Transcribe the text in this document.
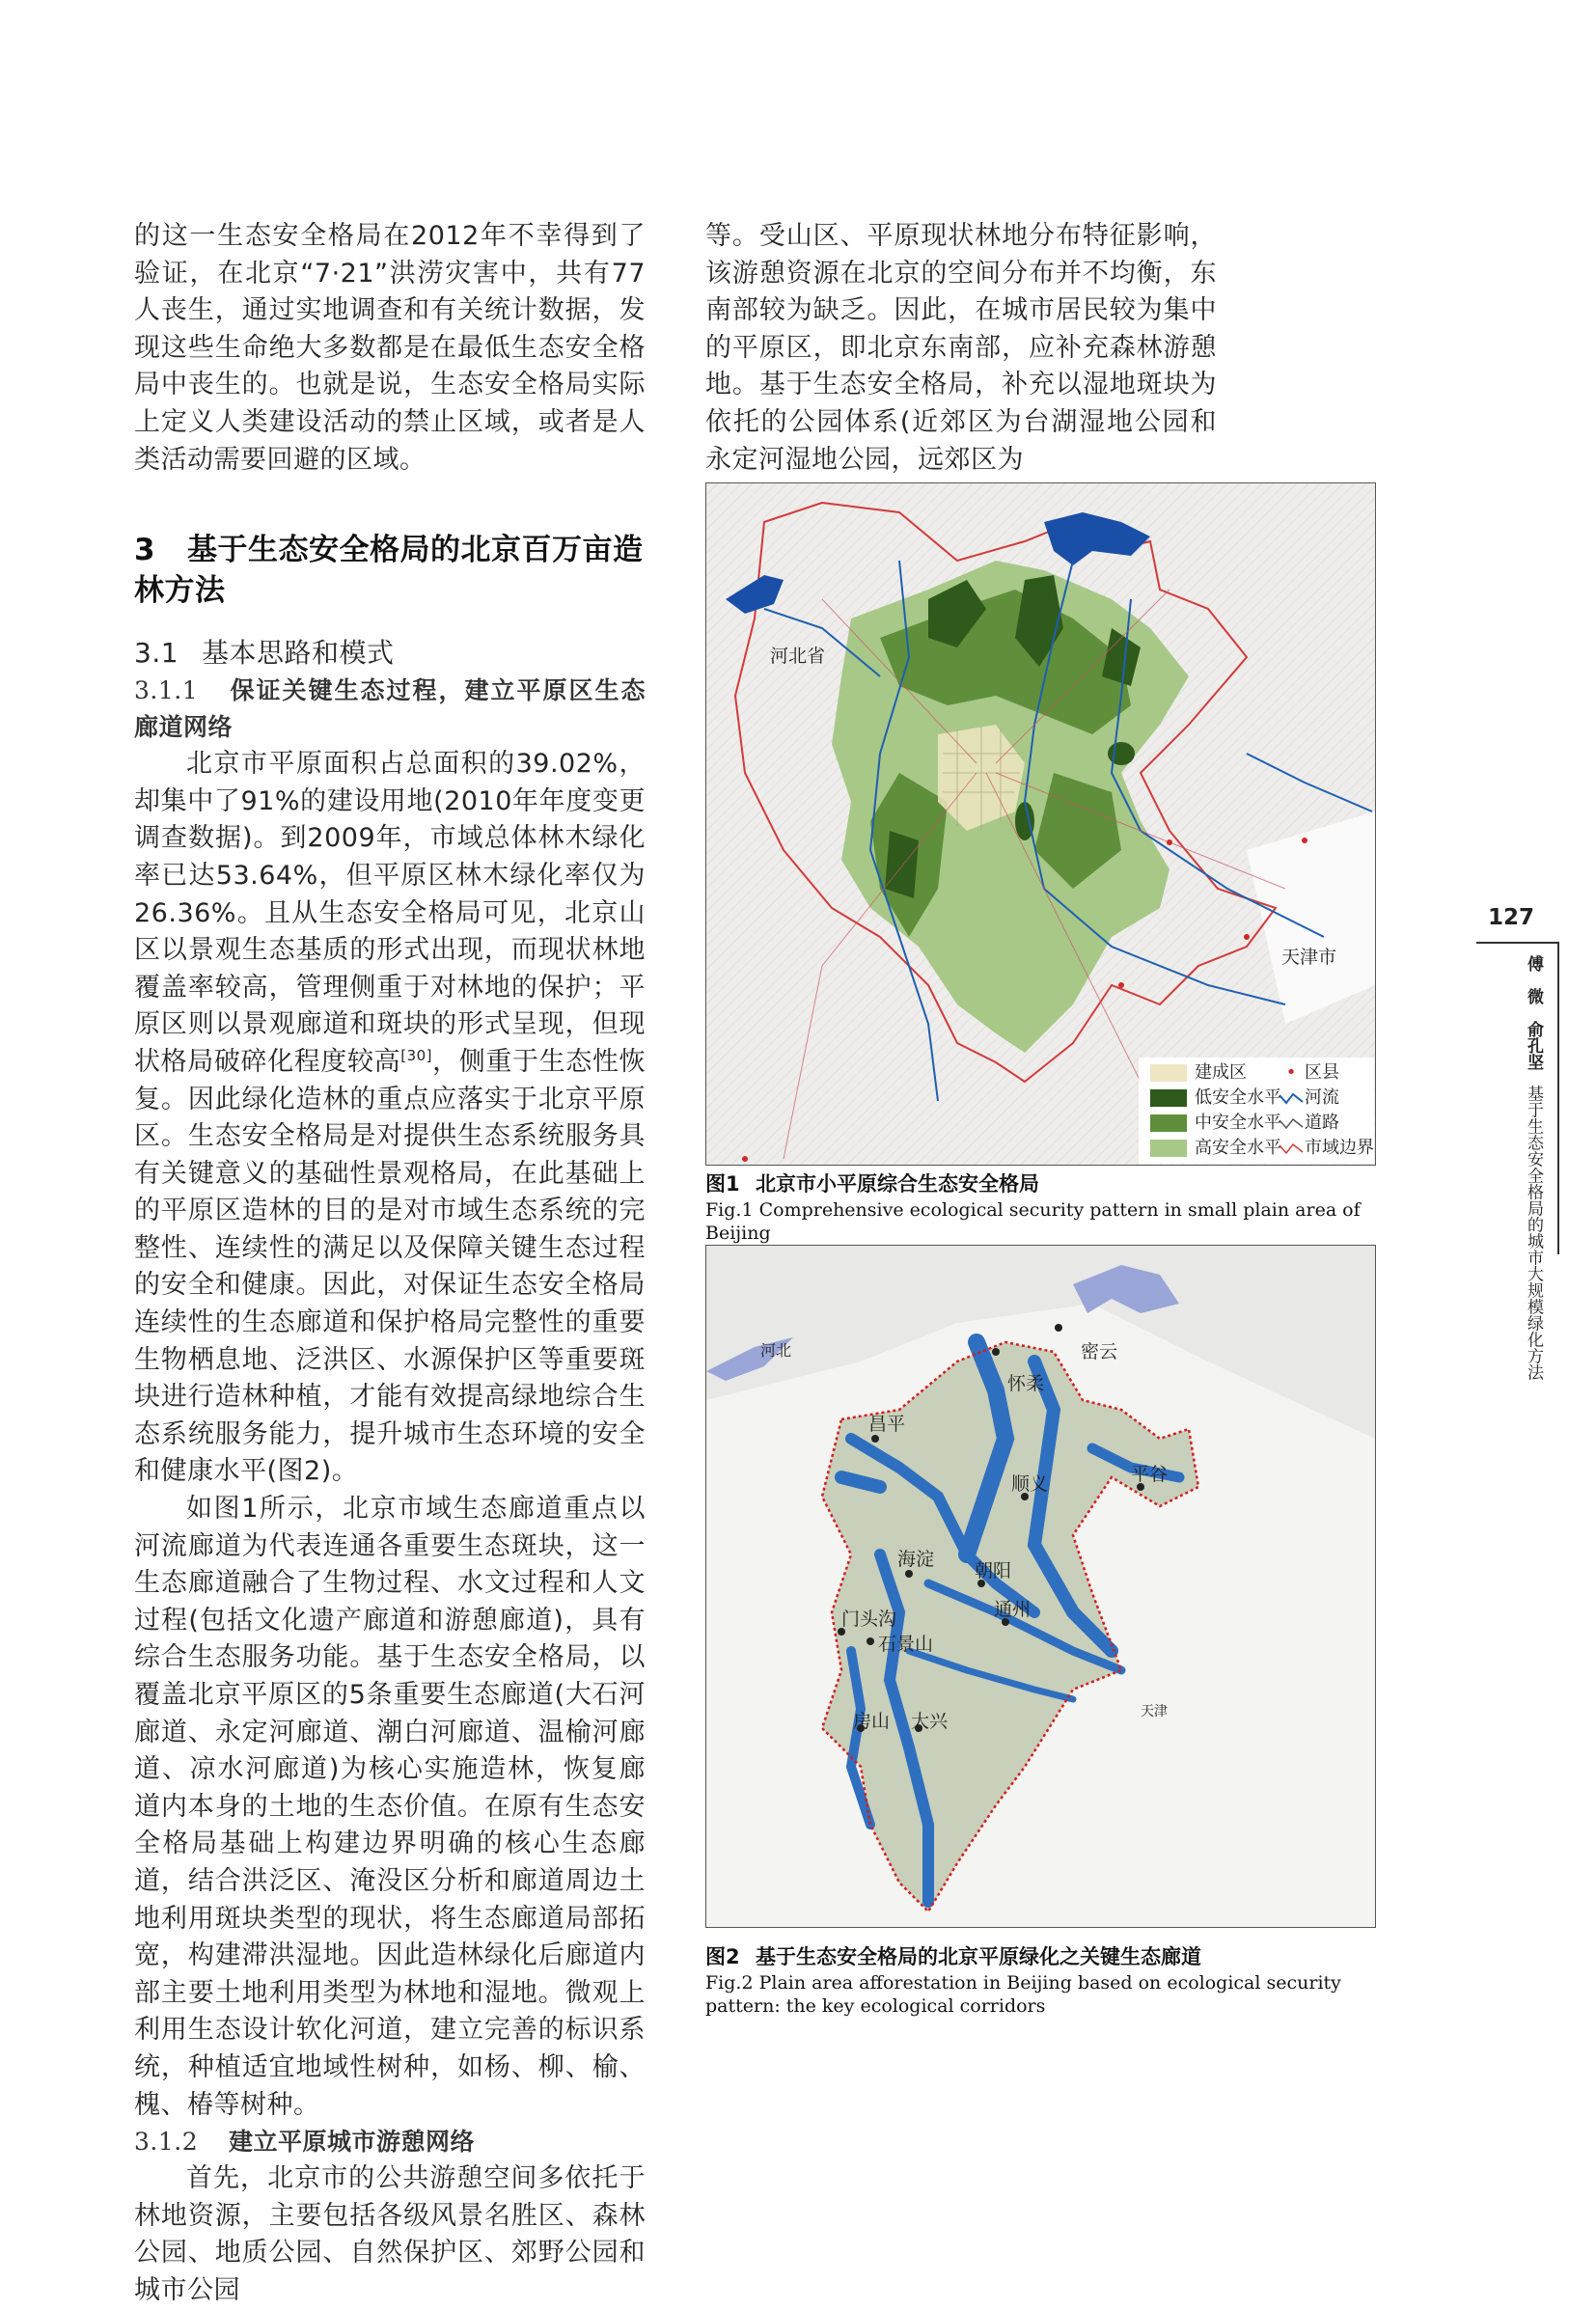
的这一生态安全格局在2012年不幸得到了验证，在北京“7·21”洪涝灾害中，共有77人丧生，通过实地调查和有关统计数据，发现这些生命绝大多数都是在最低生态安全格局中丧生的。也就是说，生态安全格局实际上定义人类建设活动的禁止区域，或者是人类活动需要回避的区域。

3 基于生态安全格局的北京百万亩造林方法

3.1 基本思路和模式

3.1.1 保证关键生态过程，建立平原区生态廊道网络

北京市平原面积占总面积的39.02%，却集中了91%的建设用地(2010年年度变更调查数据)。到2009年，市域总体林木绿化率已达53.64%，但平原区林木绿化率仅为26.36%。且从生态安全格局可见，北京山区以景观生态基质的形式出现，而现状林地覆盖率较高，管理侧重于对林地的保护；平原区则以景观廊道和斑块的形式呈现，但现状格局破碎化程度较高[30]，侧重于生态性恢复。因此绿化造林的重点应落实于北京平原区。生态安全格局是对提供生态系统服务具有关键意义的基础性景观格局，在此基础上的平原区造林的目的是对市域生态系统的完整性、连续性的满足以及保障关键生态过程的安全和健康。因此，对保证生态安全格局连续性的生态廊道和保护格局完整性的重要生物栖息地、泛洪区、水源保护区等重要斑块进行造林种植，才能有效提高绿地综合生态系统服务能力，提升城市生态环境的安全和健康水平(图2)。

如图1所示，北京市域生态廊道重点以河流廊道为代表连通各重要生态斑块，这一生态廊道融合了生物过程、水文过程和人文过程(包括文化遗产廊道和游憩廊道)，具有综合生态服务功能。基于生态安全格局，以覆盖北京平原区的5条重要生态廊道(大石河廊道、永定河廊道、潮白河廊道、温榆河廊道、凉水河廊道)为核心实施造林，恢复廊道内本身的土地的生态价值。在原有生态安全格局基础上构建边界明确的核心生态廊道，结合洪泛区、淹没区分析和廊道周边土地利用斑块类型的现状，将生态廊道局部拓宽，构建滞洪湿地。因此造林绿化后廊道内部主要土地利用类型为林地和湿地。微观上利用生态设计软化河道，建立完善的标识系统，种植适宜地域性树种，如杨、柳、榆、槐、椿等树种。

3.1.2 建立平原城市游憩网络

首先，北京市的公共游憩空间多依托于林地资源，主要包括各级风景名胜区、森林公园、地质公园、自然保护区、郊野公园和城市公园

等。受山区、平原现状林地分布特征影响，该游憩资源在北京的空间分布并不均衡，东南部较为缺乏。因此，在城市居民较为集中的平原区，即北京东南部，应补充森林游憩地。基于生态安全格局，补充以湿地斑块为依托的公园体系(近郊区为台湖湿地公园和永定河湿地公园，远郊区为

河北省
天津市
建成区
低安全水平
中安全水平
高安全水平
• 区县
河流
道路
市域边界
图1 北京市小平原综合生态安全格局
Fig.1 Comprehensive ecological security pattern in small plain area of Beijing
河北	密云
怀柔
昌平
顺义	平谷
海淀
朝阳
门头沟
石景山
通州
房山 大兴	天津
图2 基于生态安全格局的北京平原绿化之关键生态廊道
Fig.2 Plain area afforestation in Beijing based on ecological security pattern: the key ecological corridors
127
傅　微　俞孔坚 基于生态安全格局的城市大规模绿化方法
